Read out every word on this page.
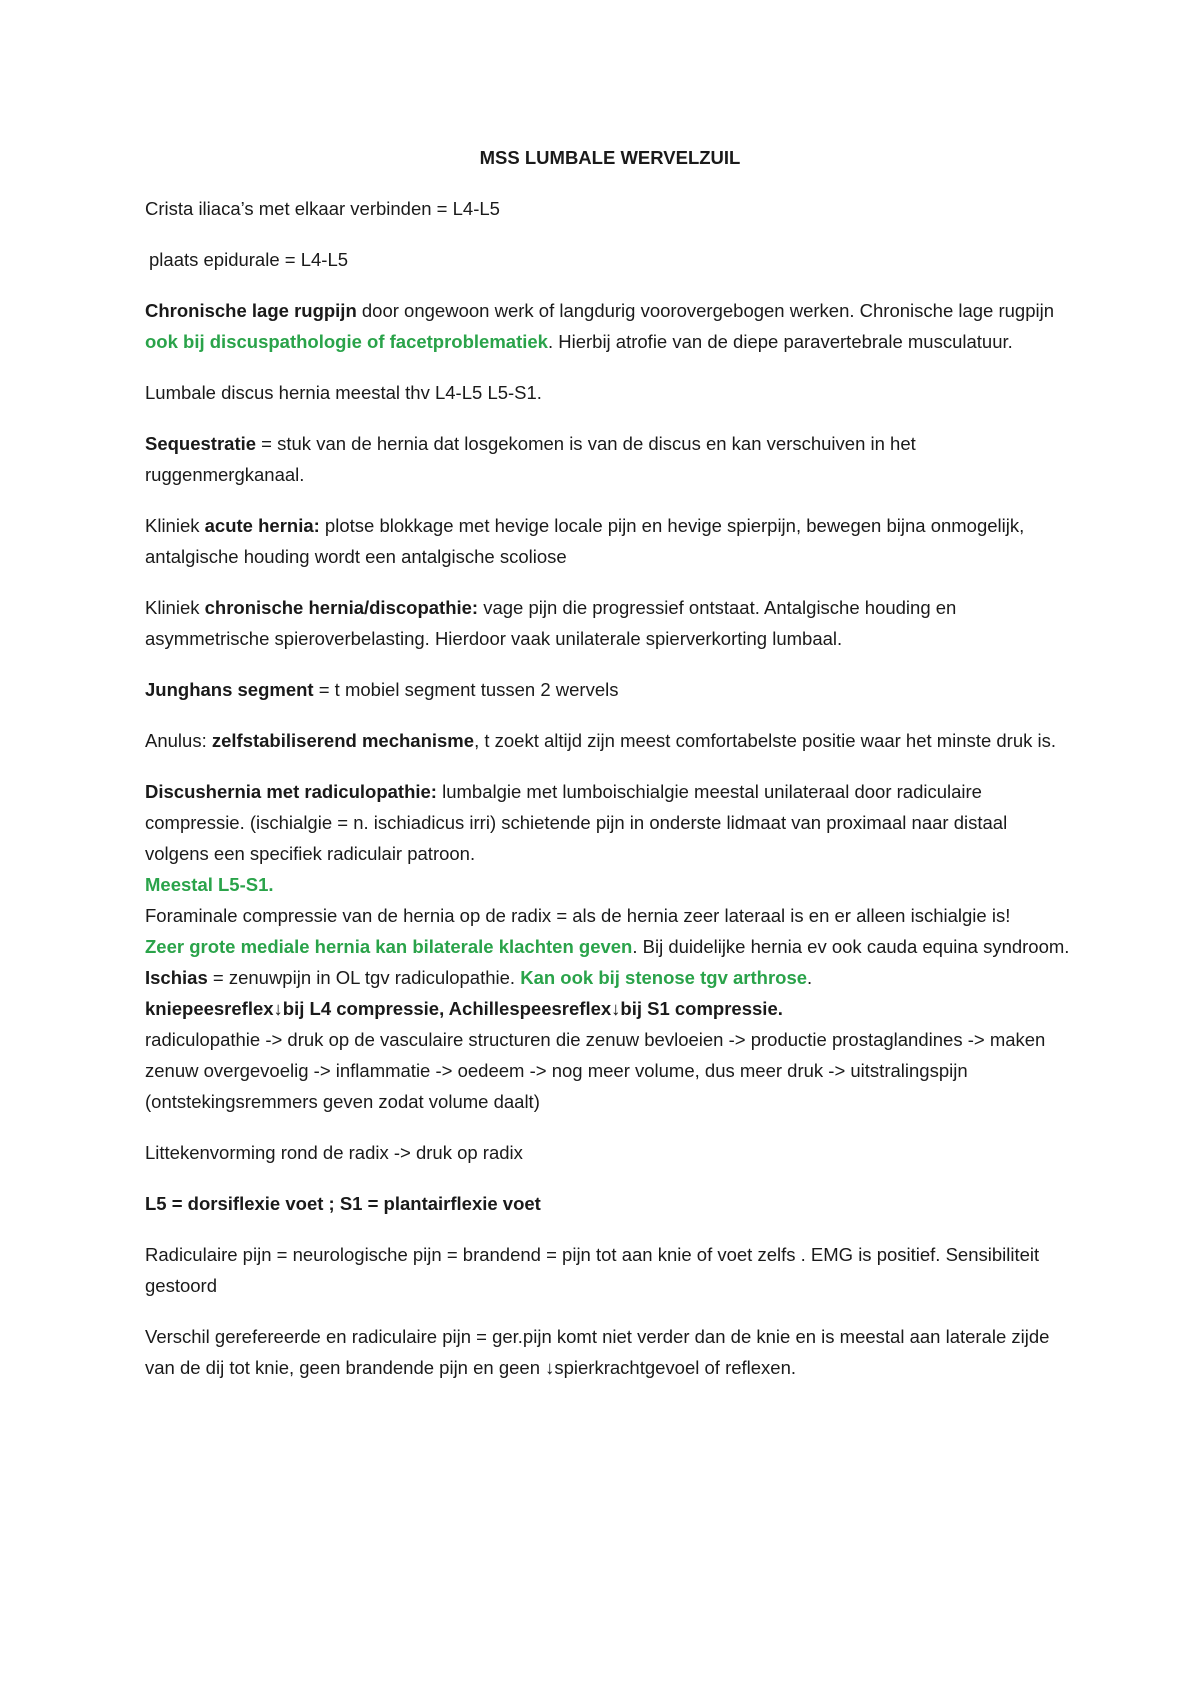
MSS LUMBALE WERVELZUIL
Crista iliaca’s met elkaar verbinden = L4-L5
plaats epidurale = L4-L5
Chronische lage rugpijn door ongewoon werk of langdurig voorovergebogen werken. Chronische lage rugpijn ook bij discuspathologie of facetproblematiek. Hierbij atrofie van de diepe paravertebrale musculatuur.
Lumbale discus hernia meestal thv L4-L5 L5-S1.
Sequestratie = stuk van de hernia dat losgekomen is van de discus en kan verschuiven in het ruggenmergkanaal.
Kliniek acute hernia: plotse blokkage met hevige locale pijn en hevige spierpijn, bewegen bijna onmogelijk, antalgische houding wordt een antalgische scoliose
Kliniek chronische hernia/discopathie: vage pijn die progressief ontstaat. Antalgische houding en asymmetrische spieroverbelasting. Hierdoor vaak unilaterale spierverkorting lumbaal.
Junghans segment = t mobiel segment tussen 2 wervels
Anulus: zelfstabiliserend mechanisme, t zoekt altijd zijn meest comfortabelste positie waar het minste druk is.
Discushernia met radiculopathie: lumbalgie met lumboischialgie meestal unilateraal door radiculaire compressie. (ischialgie = n. ischiadicus irri) schietende pijn in onderste lidmaat van proximaal naar distaal volgens een specifiek radiculair patroon.
Meestal L5-S1.
Foraminale compressie van de hernia op de radix = als de hernia zeer lateraal is en er alleen ischialgie is!
Zeer grote mediale hernia kan bilaterale klachten geven. Bij duidelijke hernia ev ook cauda equina syndroom.
Ischias = zenuwpijn in OL tgv radiculopathie. Kan ook bij stenose tgv arthrose.
kniepeesreflex↓bij L4 compressie, Achillespeesreflex↓bij S1 compressie.
radiculopathie -> druk op de vasculaire structuren die zenuw bevloeien -> productie prostaglandines -> maken zenuw overgevoelig -> inflammatie -> oedeem -> nog meer volume, dus meer druk -> uitstralingspijn (ontstekingsremmers geven zodat volume daalt)
Littekenvorming rond de radix -> druk op radix
L5 = dorsiflexie voet ; S1 = plantairflexie voet
Radiculaire pijn = neurologische pijn = brandend = pijn tot aan knie of voet zelfs . EMG is positief. Sensibiliteit gestoord
Verschil gerefereerde en radiculaire pijn = ger.pijn komt niet verder dan de knie en is meestal aan laterale zijde van de dij tot knie, geen brandende pijn en geen ↓spierkrachtgevoel of reflexen.
